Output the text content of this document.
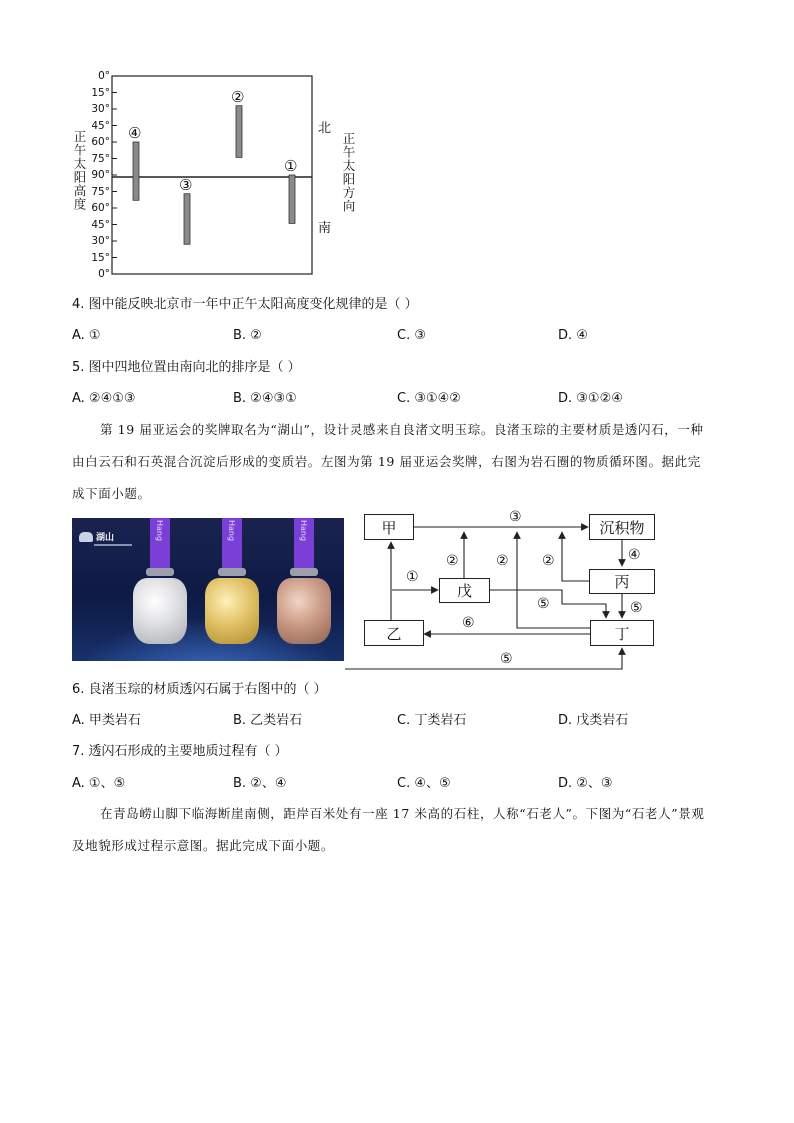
0°
15°
30°
45°
60°
75°
90°
75°
60°
45°
30°
15°
0°
④
③
②
①
正午太阳高度
北
南
正午太阳方向
4. 图中能反映北京市一年中正午太阳高度变化规律的是（ ）
A. ①	B. ②	C. ③	D. ④
5. 图中四地位置由南向北的排序是（ ）
A. ②④①③	B. ②④③①	C. ③①④②	D. ③①②④

第 19 届亚运会的奖牌取名为“湖山”，设计灵感来自良渚文明玉琮。良渚玉琮的主要材质是透闪石，一种由白云石和石英混合沉淀后形成的变质岩。左图为第 19 届亚运会奖牌，右图为岩石圈的物质循环图。据此完成下面小题。

湖山	Hang	Hang	Hang	甲	沉积物
戊	丙
乙	丁
③
②	② ②	④
①
⑤	⑤
⑥
⑤
6. 良渚玉琮的材质透闪石属于右图中的（ ）
A. 甲类岩石	B. 乙类岩石	C. 丁类岩石	D. 戊类岩石
7. 透闪石形成的主要地质过程有（ ）
A. ①、⑤	B. ②、④	C. ④、⑤	D. ②、③

在青岛崂山脚下临海断崖南侧，距岸百米处有一座 17 米高的石柱，人称“石老人”。下图为“石老人”景观及地貌形成过程示意图。据此完成下面小题。
